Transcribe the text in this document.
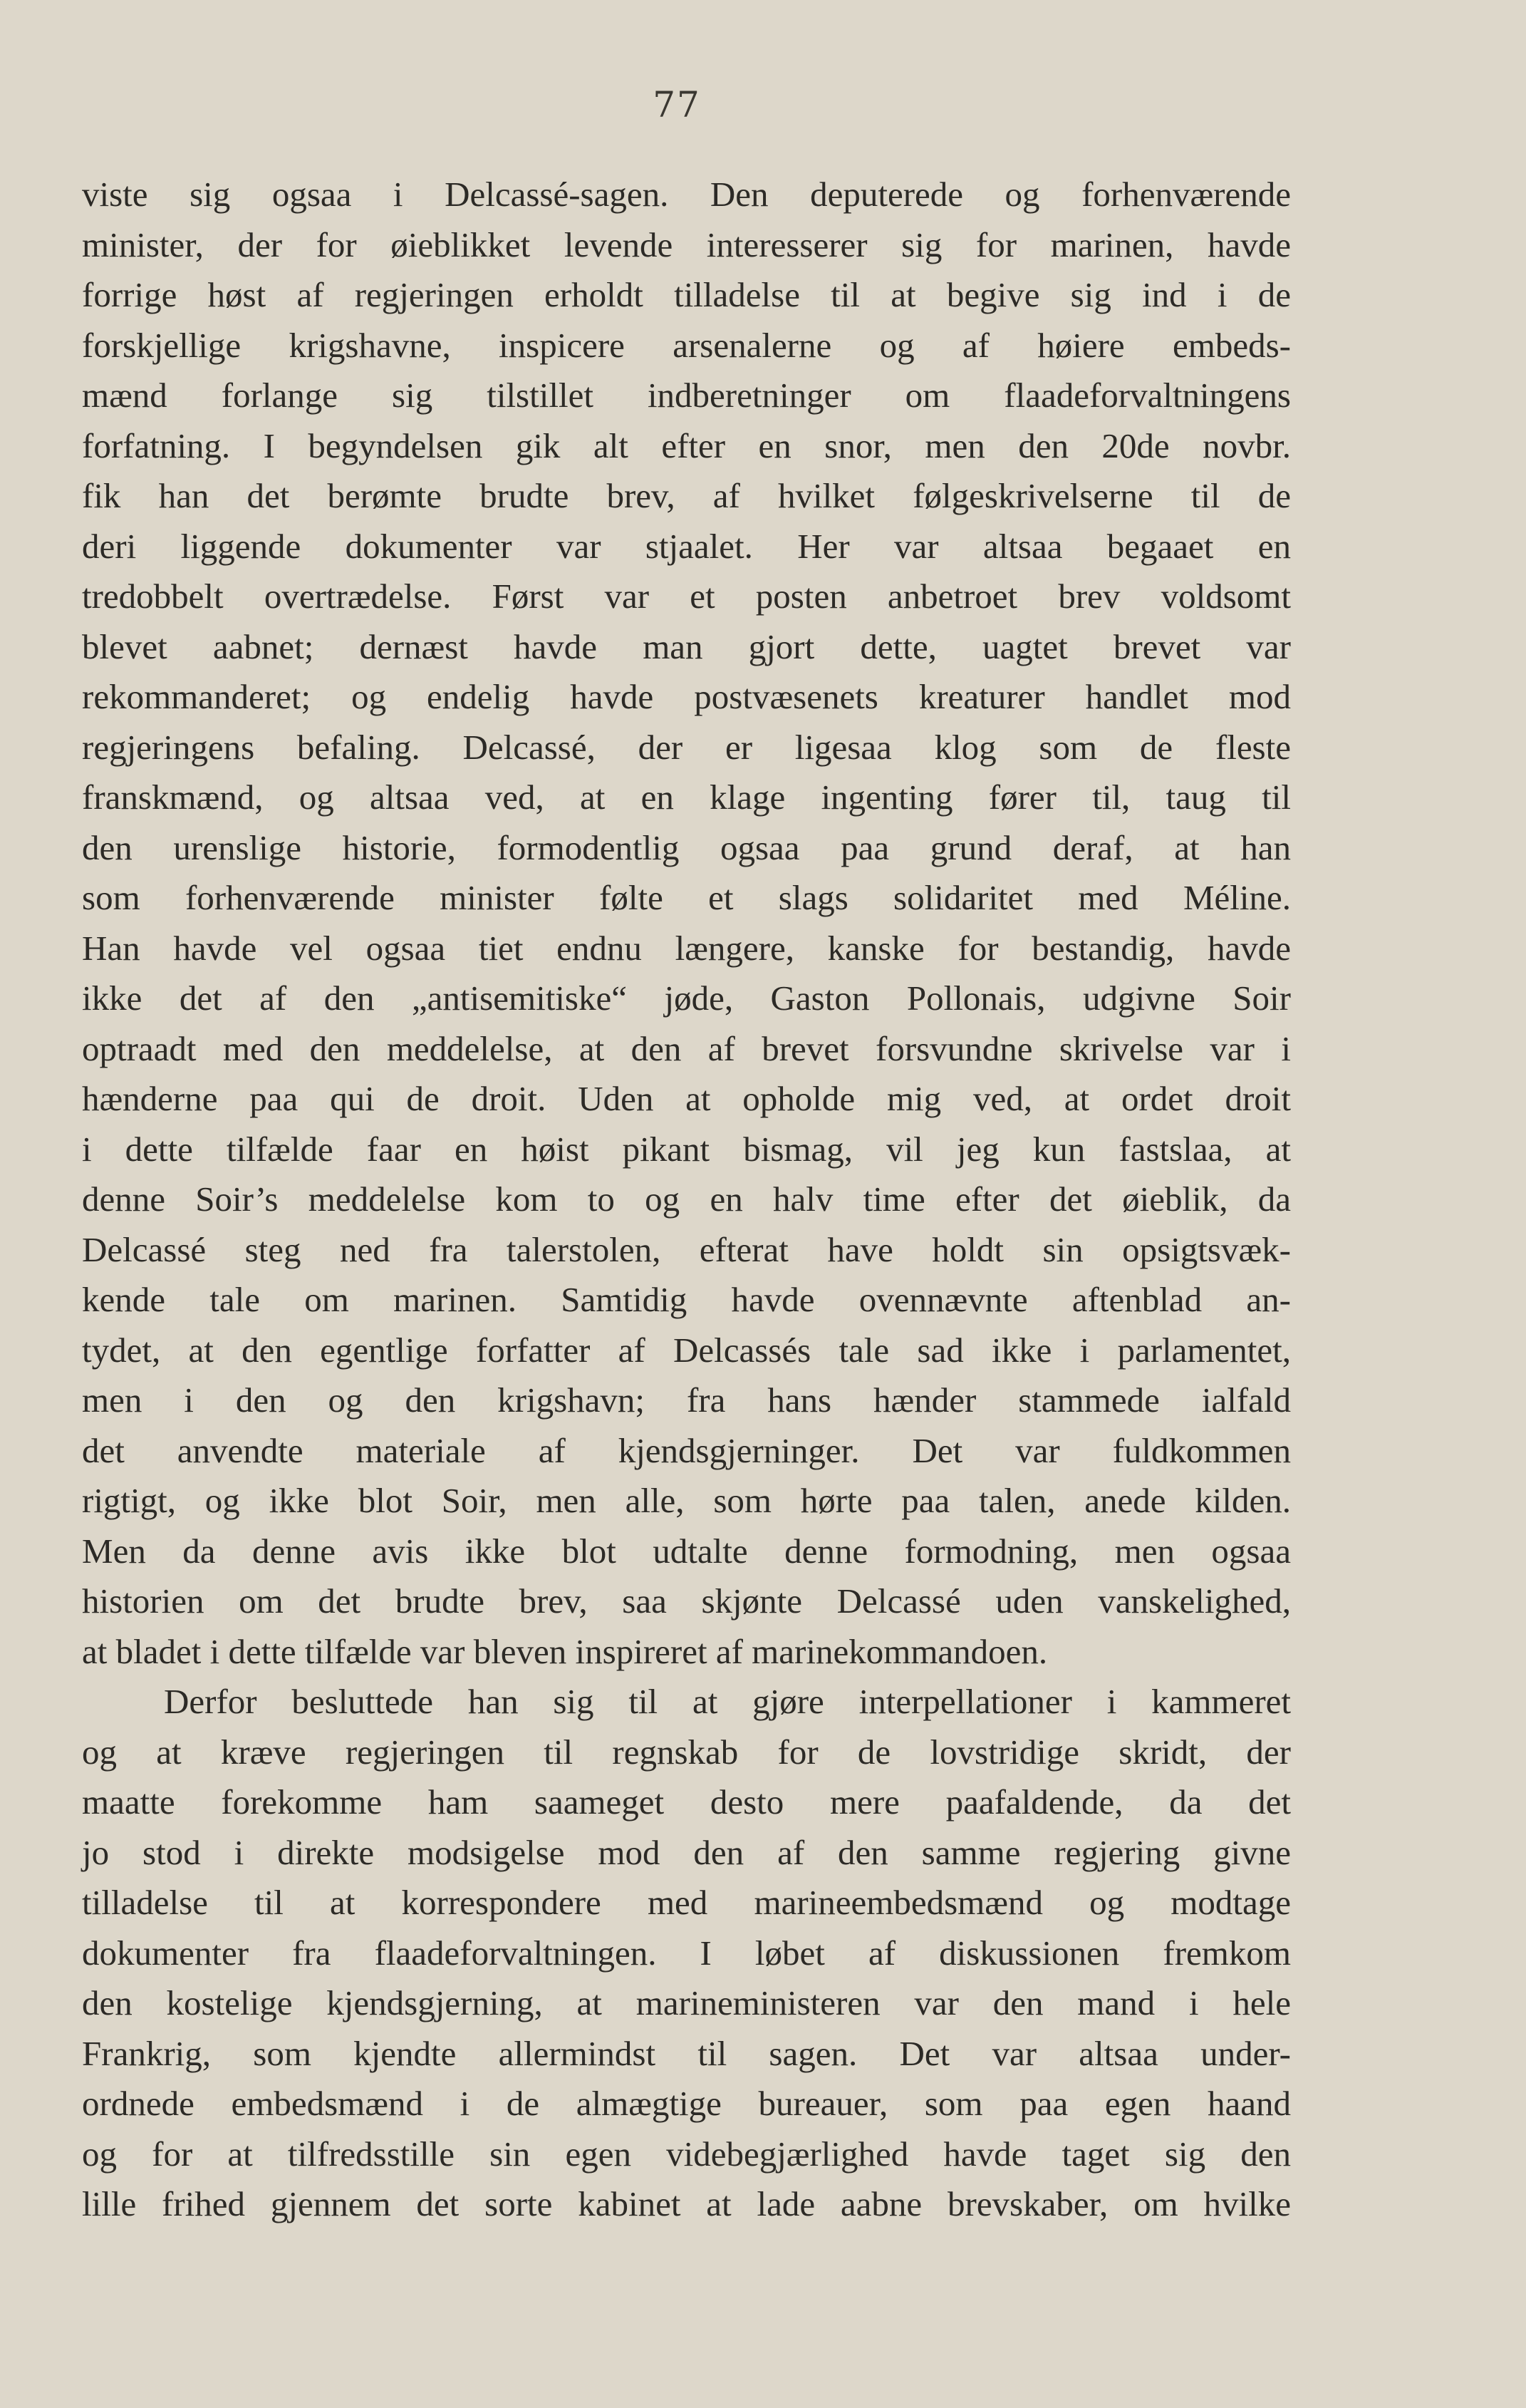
77
viste sig ogsaa i Delcassé-sagen. Den deputerede og forhenværende
minister, der for øieblikket levende interesserer sig for marinen, havde
forrige høst af regjeringen erholdt tilladelse til at begive sig ind i de
forskjellige krigshavne, inspicere arsenalerne og af høiere embeds-
mænd forlange sig tilstillet indberetninger om flaadeforvaltningens
forfatning. I begyndelsen gik alt efter en snor, men den 20de novbr.
fik han det berømte brudte brev, af hvilket følgeskrivelserne til de
deri liggende dokumenter var stjaalet. Her var altsaa begaaet en
tredobbelt overtrædelse. Først var et posten anbetroet brev voldsomt
blevet aabnet; dernæst havde man gjort dette, uagtet brevet var
rekommanderet; og endelig havde postvæsenets kreaturer handlet mod
regjeringens befaling. Delcassé, der er ligesaa klog som de fleste
franskmænd, og altsaa ved, at en klage ingenting fører til, taug til
den urenslige historie, formodentlig ogsaa paa grund deraf, at han
som forhenværende minister følte et slags solidaritet med Méline.
Han havde vel ogsaa tiet endnu længere, kanske for bestandig, havde
ikke det af den „antisemitiske“ jøde, Gaston Pollonais, udgivne Soir
optraadt med den meddelelse, at den af brevet forsvundne skrivelse var i
hænderne paa qui de droit. Uden at opholde mig ved, at ordet droit
i dette tilfælde faar en høist pikant bismag, vil jeg kun fastslaa, at
denne Soir’s meddelelse kom to og en halv time efter det øieblik, da
Delcassé steg ned fra talerstolen, efterat have holdt sin opsigtsvæk-
kende tale om marinen. Samtidig havde ovennævnte aftenblad an-
tydet, at den egentlige forfatter af Delcassés tale sad ikke i parlamentet,
men i den og den krigshavn; fra hans hænder stammede ialfald
det anvendte materiale af kjendsgjerninger. Det var fuldkommen
rigtigt, og ikke blot Soir, men alle, som hørte paa talen, anede kilden.
Men da denne avis ikke blot udtalte denne formodning, men ogsaa
historien om det brudte brev, saa skjønte Delcassé uden vanskelighed,
at bladet i dette tilfælde var bleven inspireret af marinekommandoen.
Derfor besluttede han sig til at gjøre interpellationer i kammeret
og at kræve regjeringen til regnskab for de lovstridige skridt, der
maatte forekomme ham saameget desto mere paafaldende, da det
jo stod i direkte modsigelse mod den af den samme regjering givne
tilladelse til at korrespondere med marineembedsmænd og modtage
dokumenter fra flaadeforvaltningen. I løbet af diskussionen fremkom
den kostelige kjendsgjerning, at marineministeren var den mand i hele
Frankrig, som kjendte allermindst til sagen. Det var altsaa under-
ordnede embedsmænd i de almægtige bureauer, som paa egen haand
og for at tilfredsstille sin egen videbegjærlighed havde taget sig den
lille frihed gjennem det sorte kabinet at lade aabne brevskaber, om hvilke
